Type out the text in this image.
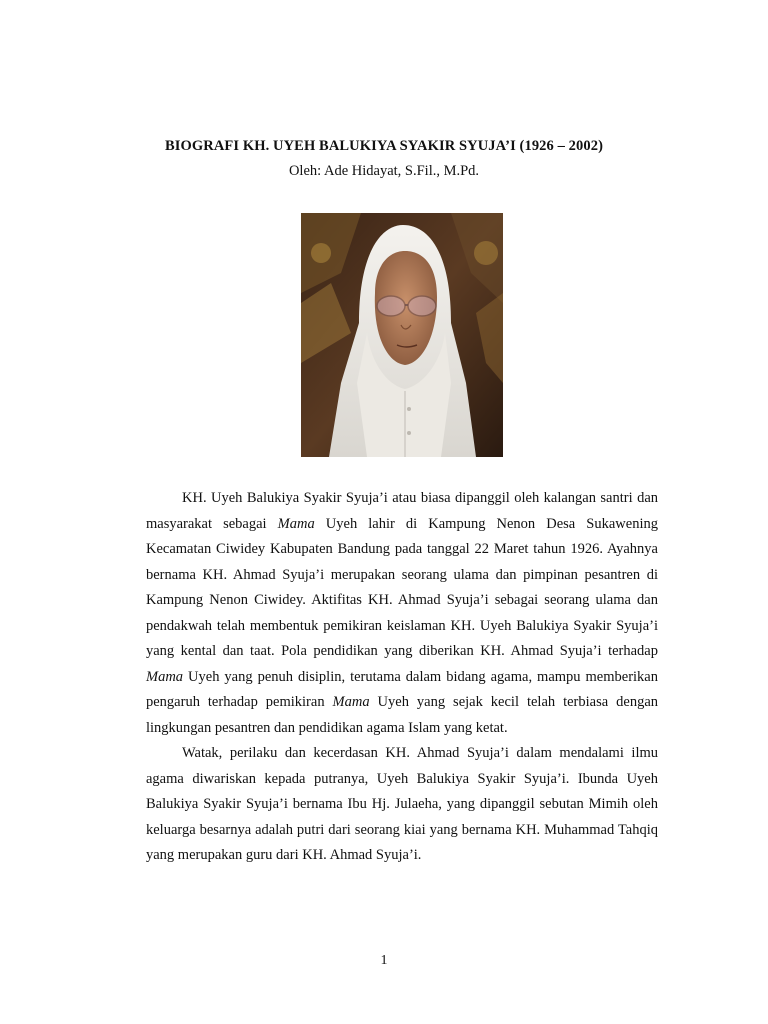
BIOGRAFI KH. UYEH BALUKIYA SYAKIR SYUJA’I (1926 – 2002)
Oleh: Ade Hidayat, S.Fil., M.Pd.

KH. Uyeh Balukiya Syakir Syuja’i atau biasa dipanggil oleh kalangan santri dan masyarakat sebagai Mama Uyeh lahir di Kampung Nenon Desa Sukawening Kecamatan Ciwidey Kabupaten Bandung pada tanggal 22 Maret tahun 1926. Ayahnya bernama KH. Ahmad Syuja’i merupakan seorang ulama dan pimpinan pesantren di Kampung Nenon Ciwidey. Aktifitas KH. Ahmad Syuja’i sebagai seorang ulama dan pendakwah telah membentuk pemikiran keislaman KH. Uyeh Balukiya Syakir Syuja’i yang kental dan taat. Pola pendidikan yang diberikan KH. Ahmad Syuja’i terhadap Mama Uyeh yang penuh disiplin, terutama dalam bidang agama, mampu memberikan pengaruh terhadap pemikiran Mama Uyeh yang sejak kecil telah terbiasa dengan lingkungan pesantren dan pendidikan agama Islam yang ketat.

Watak, perilaku dan kecerdasan KH. Ahmad Syuja’i dalam mendalami ilmu agama diwariskan kepada putranya, Uyeh Balukiya Syakir Syuja’i. Ibunda Uyeh Balukiya Syakir Syuja’i bernama Ibu Hj. Julaeha, yang dipanggil sebutan Mimih oleh keluarga besarnya adalah putri dari seorang kiai yang bernama KH. Muhammad Tahqiq yang merupakan guru dari KH. Ahmad Syuja’i.

1
